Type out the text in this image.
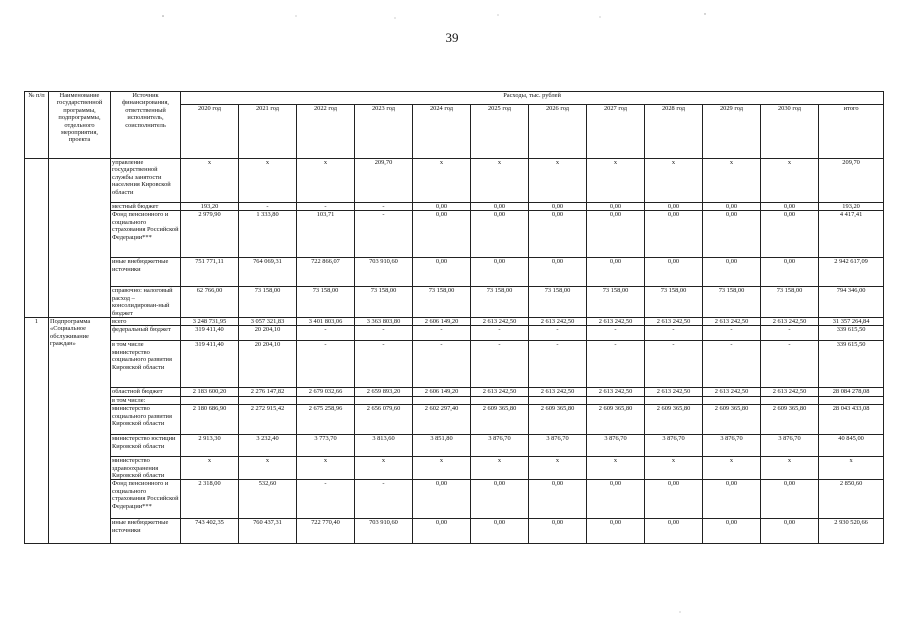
39
№ п/п	Наименование государственной программы, подпрограммы, отдельного мероприятия, проекта	Источник финансирования, ответственный исполнитель, соисполнитель	Расходы, тыс. рублей											
			2020 год	2021 год	2022 год	2023 год	2024 год	2025 год	2026 год	2027 год	2028 год	2029 год	2030 год	итого
		управление государственной службы занятости населения Кировской области	x	x	x	209,70	x	x	x	x	x	x	x	209,70
		местный бюджет	193,20	-	-	-	0,00	0,00	0,00	0,00	0,00	0,00	0,00	193,20
		Фонд пенсионного и социального страхования Российской Федерации***	2 979,90	1 333,80	103,71	-	0,00	0,00	0,00	0,00	0,00	0,00	0,00	4 417,41
		иные внебюджетные источники	751 771,11	764 069,31	722 866,07	703 910,60	0,00	0,00	0,00	0,00	0,00	0,00	0,00	2 942 617,09
		справочно: налоговый расход – консолидирован-ный бюджет	62 766,00	73 158,00	73 158,00	73 158,00	73 158,00	73 158,00	73 158,00	73 158,00	73 158,00	73 158,00	73 158,00	794 346,00
1	Подпрограмма «Социальное обслуживание граждан»	всего	3 248 731,95	3 057 321,83	3 401 803,06	3 363 803,80	2 606 149,20	2 613 242,50	2 613 242,50	2 613 242,50	2 613 242,50	2 613 242,50	2 613 242,50	31 357 264,84
		федеральный бюджет	319 411,40	20 204,10	-	-	-	-	-	-	-	-	-	339 615,50
		в том числе министерство социального развития Кировской области	319 411,40	20 204,10	-	-	-	-	-	-	-	-	-	339 615,50
		областной бюджет	2 183 600,20	2 276 147,82	2 679 032,66	2 659 893,20	2 606 149,20	2 613 242,50	2 613 242,50	2 613 242,50	2 613 242,50	2 613 242,50	2 613 242,50	28 084 278,08
		в том числе:												
		министерство социального развития Кировской области	2 180 686,90	2 272 915,42	2 675 258,96	2 656 079,60	2 602 297,40	2 609 365,80	2 609 365,80	2 609 365,80	2 609 365,80	2 609 365,80	2 609 365,80	28 043 433,08
		министерство юстиции Кировской области	2 913,30	3 232,40	3 773,70	3 813,60	3 851,80	3 876,70	3 876,70	3 876,70	3 876,70	3 876,70	3 876,70	40 845,00
		министерство здравоохранения Кировской области	x	x	x	x	x	x	x	x	x	x	x	x
		Фонд пенсионного и социального страхования Российской Федерации***	2 318,00	532,60	-	-	0,00	0,00	0,00	0,00	0,00	0,00	0,00	2 850,60
		иные внебюджетные источники	743 402,35	760 437,31	722 770,40	703 910,60	0,00	0,00	0,00	0,00	0,00	0,00	0,00	2 930 520,66
